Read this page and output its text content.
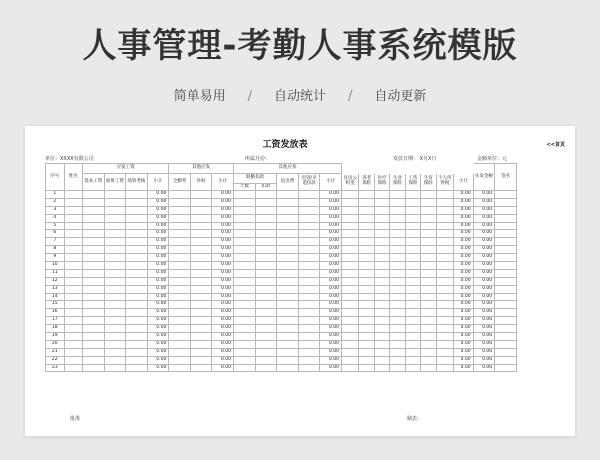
人事管理-考勤人事系统模版
简单易用 / 自动统计 / 自动更新
工资发放表	<<首页
单位：XXXX有限公司	所属月份：	发放日期： X月X日	金额单位：元
序号	姓名	应发工资				其他应发			其他应扣													实发金额	签名
		基本工资	加班工资	绩效考核	小计	全勤奖	补贴	小计	缺勤扣款		宿舍费	迟到/早退扣款	小计	住房公积金	养老保险	医疗保险	失业保险	工伤保险	生育保险	个人所得税	小计		
									天数	扣款													
1					0.00			0.00					0.00								0.00	0.00	
2					0.00			0.00					0.00								0.00	0.00	
3					0.00			0.00					0.00								0.00	0.00	
4					0.00			0.00					0.00								0.00	0.00	
5					0.00			0.00					0.00								0.00	0.00	
6					0.00			0.00					0.00								0.00	0.00	
7					0.00			0.00					0.00								0.00	0.00	
8					0.00			0.00					0.00								0.00	0.00	
9					0.00			0.00					0.00								0.00	0.00	
10					0.00			0.00					0.00								0.00	0.00	
11					0.00			0.00					0.00								0.00	0.00	
12					0.00			0.00					0.00								0.00	0.00	
13					0.00			0.00					0.00								0.00	0.00	
14					0.00			0.00					0.00								0.00	0.00	
15					0.00			0.00					0.00								0.00	0.00	
16					0.00			0.00					0.00								0.00	0.00	
17					0.00			0.00					0.00								0.00	0.00	
18					0.00			0.00					0.00								0.00	0.00	
19					0.00			0.00					0.00								0.00	0.00	
20					0.00			0.00					0.00								0.00	0.00	
21					0.00			0.00					0.00								0.00	0.00	
22					0.00			0.00					0.00								0.00	0.00	
23					0.00			0.00					0.00								0.00	0.00	
批准	制表：
